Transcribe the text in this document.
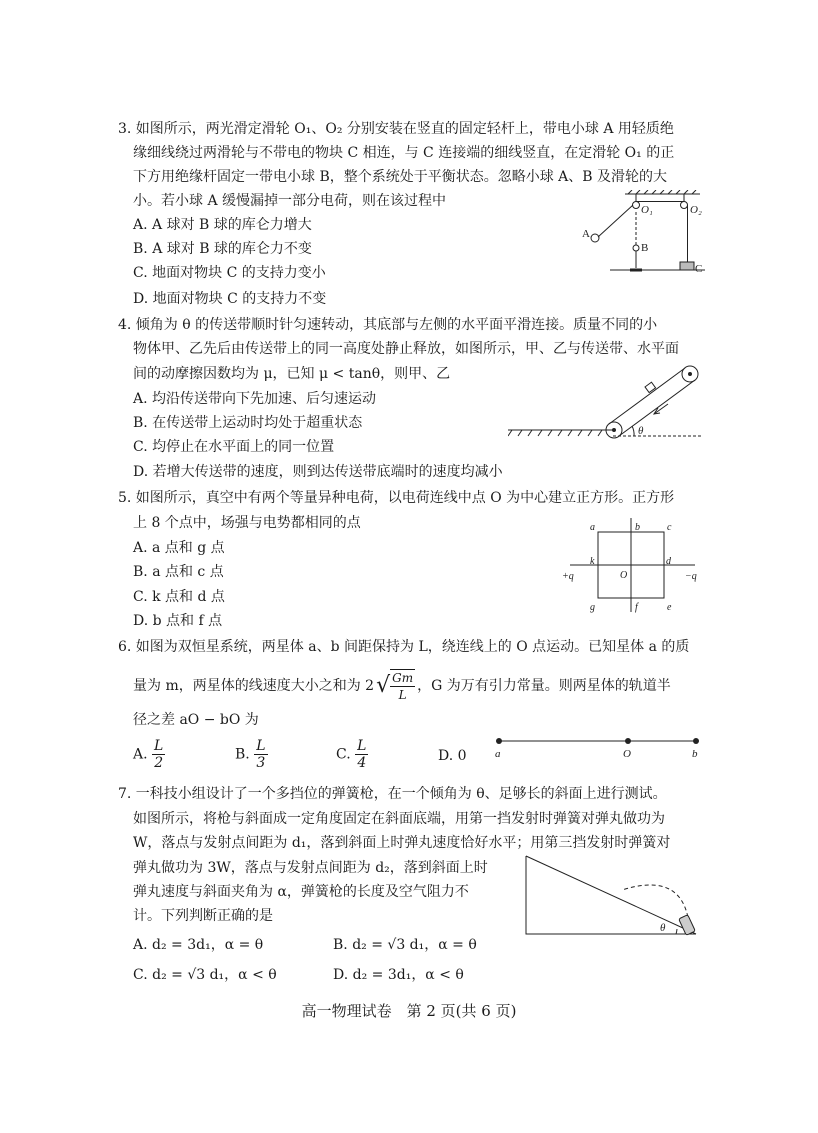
3. 如图所示，两光滑定滑轮 O₁、O₂ 分别安装在竖直的固定轻杆上，带电小球 A 用轻质绝
缘细线绕过两滑轮与不带电的物块 C 相连，与 C 连接端的细线竖直，在定滑轮 O₁ 的正
下方用绝缘杆固定一带电小球 B，整个系统处于平衡状态。忽略小球 A、B 及滑轮的大
小。若小球 A 缓慢漏掉一部分电荷，则在该过程中
A. A 球对 B 球的库仑力增大
B. A 球对 B 球的库仑力不变
C. 地面对物块 C 的支持力变小
D. 地面对物块 C 的支持力不变
A
B
C
O₁	O₂
4. 倾角为 θ 的传送带顺时针匀速转动，其底部与左侧的水平面平滑连接。质量不同的小
物体甲、乙先后由传送带上的同一高度处静止释放，如图所示，甲、乙与传送带、水平面
间的动摩擦因数均为 μ，已知 μ < tanθ，则甲、乙
A. 均沿传送带向下先加速、后匀速运动
B. 在传送带上运动时均处于超重状态
C. 均停止在水平面上的同一位置
D. 若增大传送带的速度，则到达传送带底端时的速度均减小
θ
5. 如图所示，真空中有两个等量异种电荷，以电荷连线中点 O 为中心建立正方形。正方形
上 8 个点中，场强与电势都相同的点
A. a 点和 g 点
B. a 点和 c 点
C. k 点和 d 点
D. b 点和 f 点
a	b	c
k	d
O
g	f	e
+q	−q
6. 如图为双恒星系统，两星体 a、b 间距保持为 L，绕连线上的 O 点运动。已知星体 a 的质
量为 m，两星体的线速度大小之和为 $2√ \frac{Gm}{L}$ ，G 为万有引力常量。则两星体的轨道半
径之差 aO − bO 为
A. $\frac{L}{2}$	B. $\frac{L}{3}$	C. $\frac{L}{4}$	D. 0	a	O	b
7. 一科技小组设计了一个多挡位的弹簧枪，在一个倾角为 θ、足够长的斜面上进行测试。
如图所示，将枪与斜面成一定角度固定在斜面底端，用第一挡发射时弹簧对弹丸做功为
W，落点与发射点间距为 d₁，落到斜面上时弹丸速度恰好水平；用第三挡发射时弹簧对
弹丸做功为 3W，落点与发射点间距为 d₂，落到斜面上时
弹丸速度与斜面夹角为 α，弹簧枪的长度及空气阻力不
计。下列判断正确的是
A. d₂ = 3d₁，α = θ	B. d₂ = √3 d₁，α = θ
C. d₂ = √3 d₁，α < θ	D. d₂ = 3d₁，α < θ
θ
高一物理试卷　第 2 页(共 6 页)
